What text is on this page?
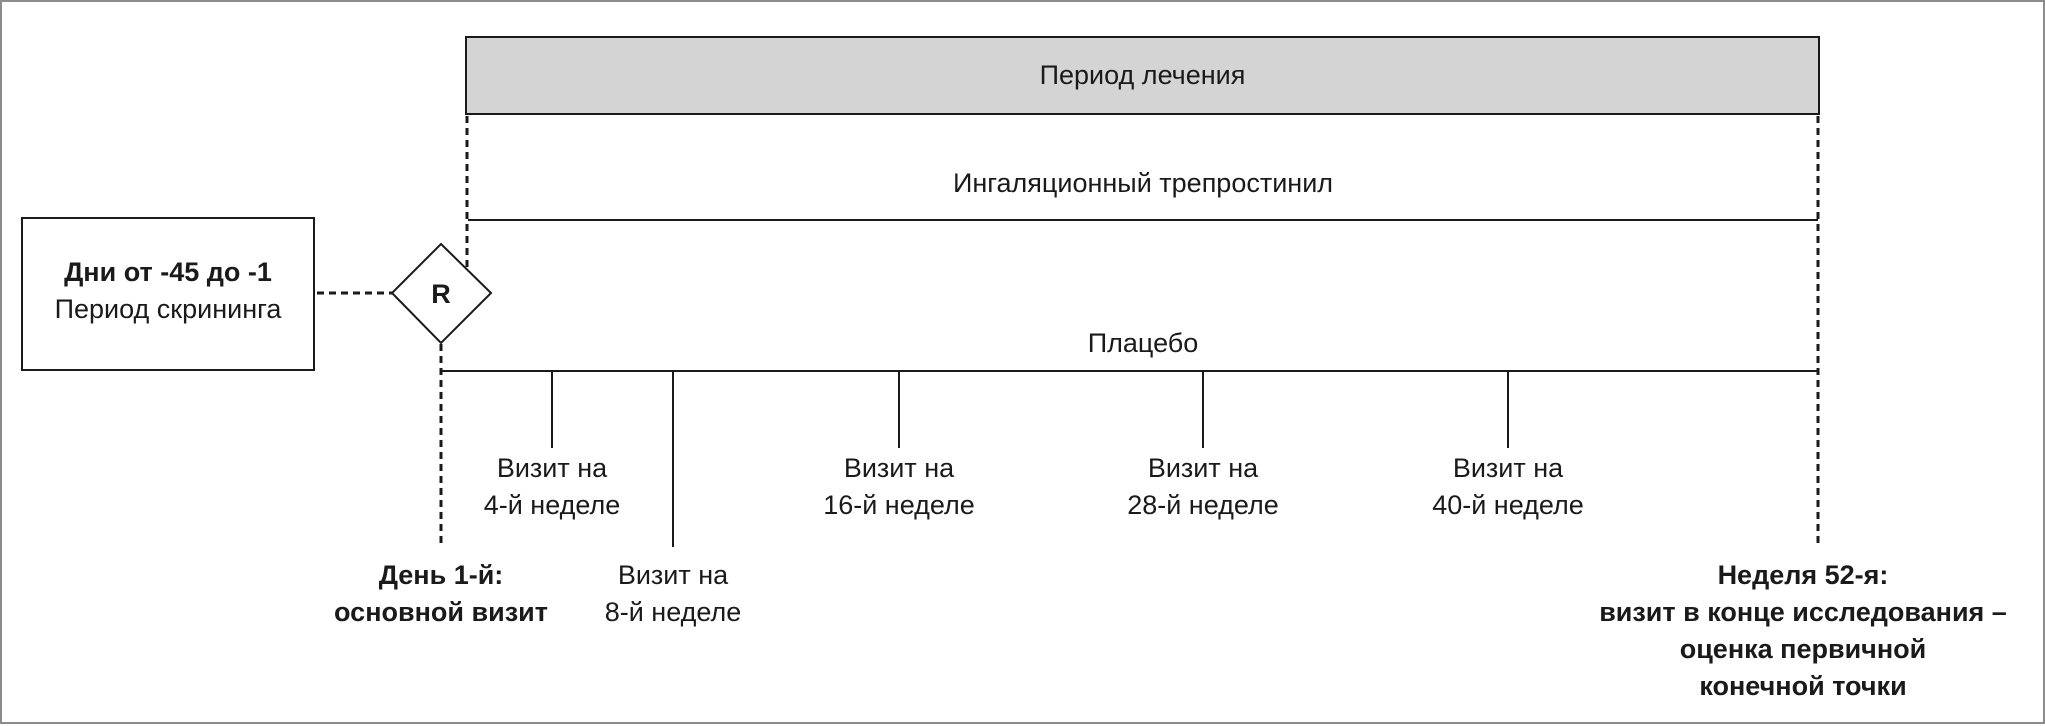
Период лечения
Ингаляционный трепростинил
Плацебо
Дни от -45 до -1
Период скрининга	R
Визит на
4-й неделе
Визит на
8-й неделе
Визит на
16-й неделе
Визит на
28-й неделе
Визит на
40-й неделе
День 1-й:
основной визит
Неделя 52-я:
визит в конце исследования –
оценка первичной
конечной точки
